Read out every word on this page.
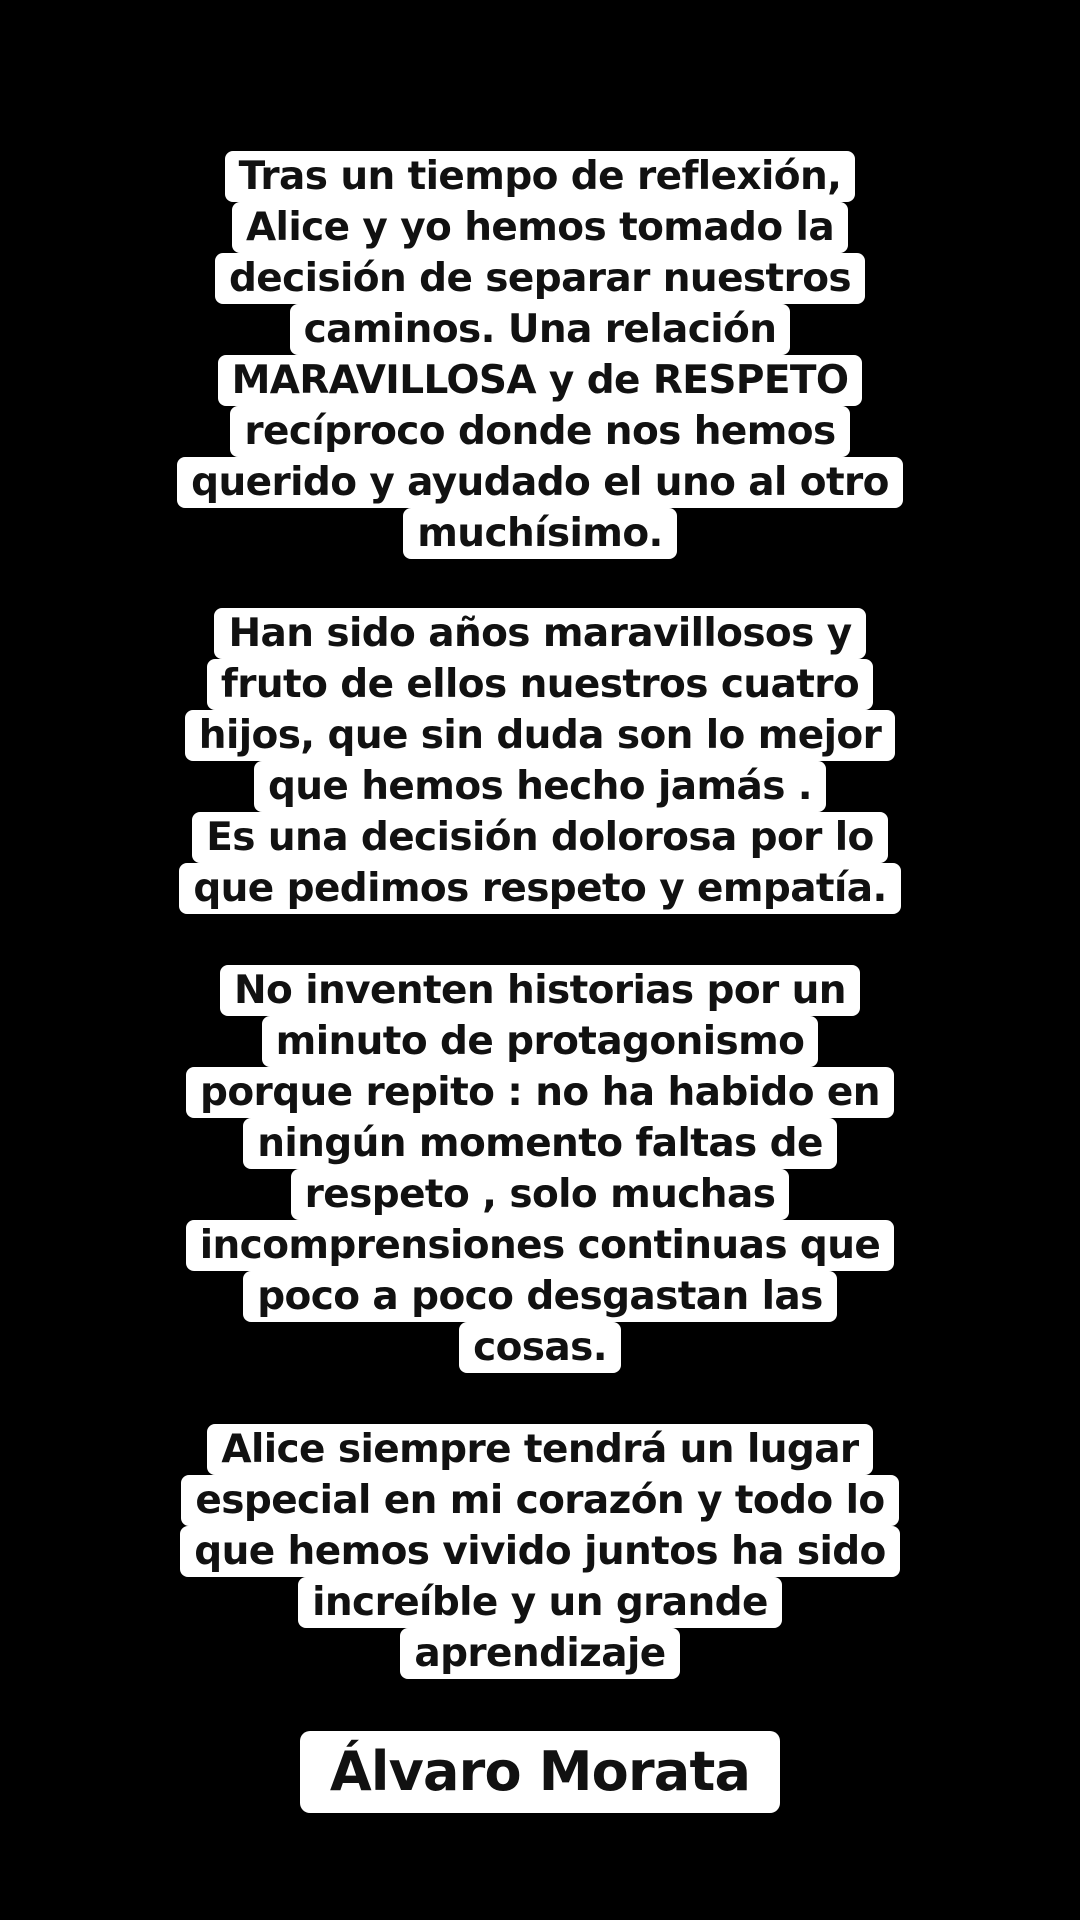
Tras un tiempo de reflexión,
Alice y yo hemos tomado la
decisión de separar nuestros
caminos. Una relación
MARAVILLOSA y de RESPETO
recíproco donde nos hemos
querido y ayudado el uno al otro
muchísimo.
Han sido años maravillosos y
fruto de ellos nuestros cuatro
hijos, que sin duda son lo mejor
que hemos hecho jamás .
Es una decisión dolorosa por lo
que pedimos respeto y empatía.
No inventen historias por un
minuto de protagonismo
porque repito : no ha habido en
ningún momento faltas de
respeto , solo muchas
incomprensiones continuas que
poco a poco desgastan las
cosas.
Alice siempre tendrá un lugar
especial en mi corazón y todo lo
que hemos vivido juntos ha sido
increíble y un grande
aprendizaje
Álvaro Morata
